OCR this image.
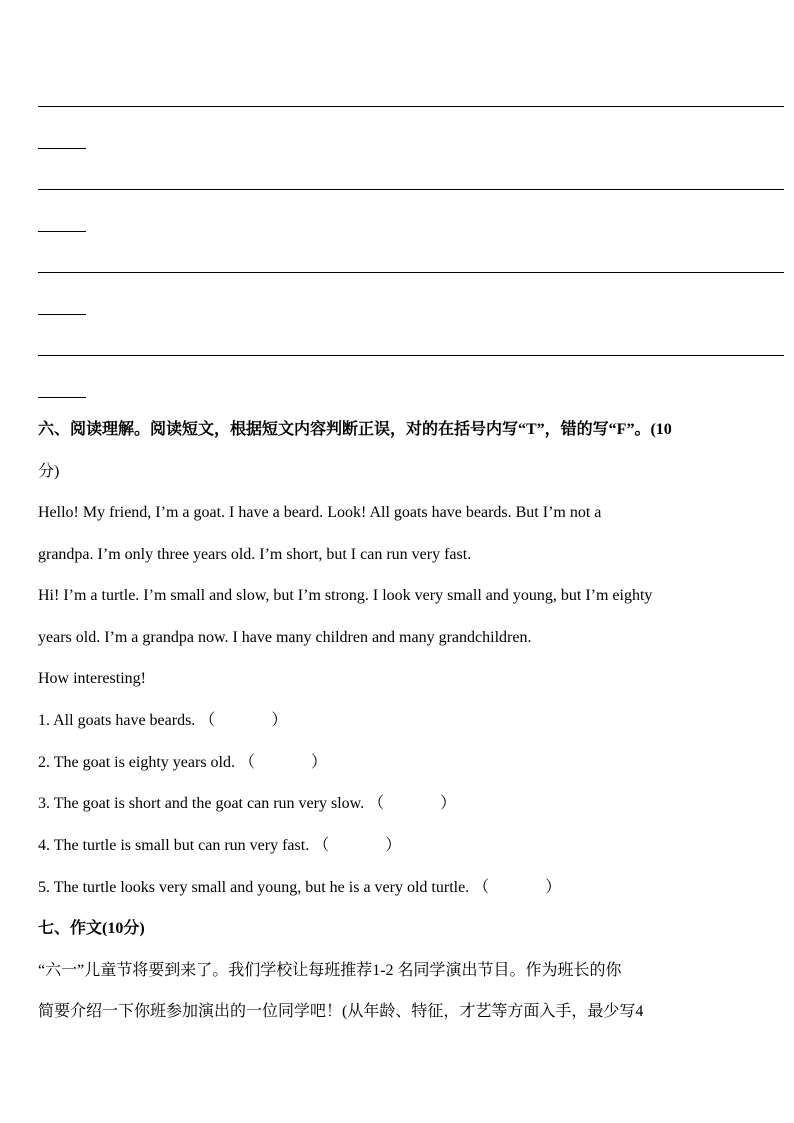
六、阅读理解。阅读短文，根据短文内容判断正误，对的在括号内写“T”，错的写“F”。(10
分)
Hello! My friend, I’m a goat. I have a beard. Look! All goats have beards. But I’m not a
grandpa. I’m only three years old. I’m short, but I can run very fast.
Hi! I’m a turtle. I’m small and slow, but I’m strong. I look very small and young, but I’m eighty
years old. I’m a grandpa now. I have many children and many grandchildren.
How interesting!
1. All goats have beards. （	）
2. The goat is eighty years old. （	）
3. The goat is short and the goat can run very slow. （	）
4. The turtle is small but can run very fast. （	）
5. The turtle looks very small and young, but he is a very old turtle. （	）
七、作文(10分)
“六一”儿童节将要到来了。我们学校让每班推荐1-2 名同学演出节目。作为班长的你
简要介绍一下你班参加演出的一位同学吧！(从年龄、特征，才艺等方面入手，最少写4
